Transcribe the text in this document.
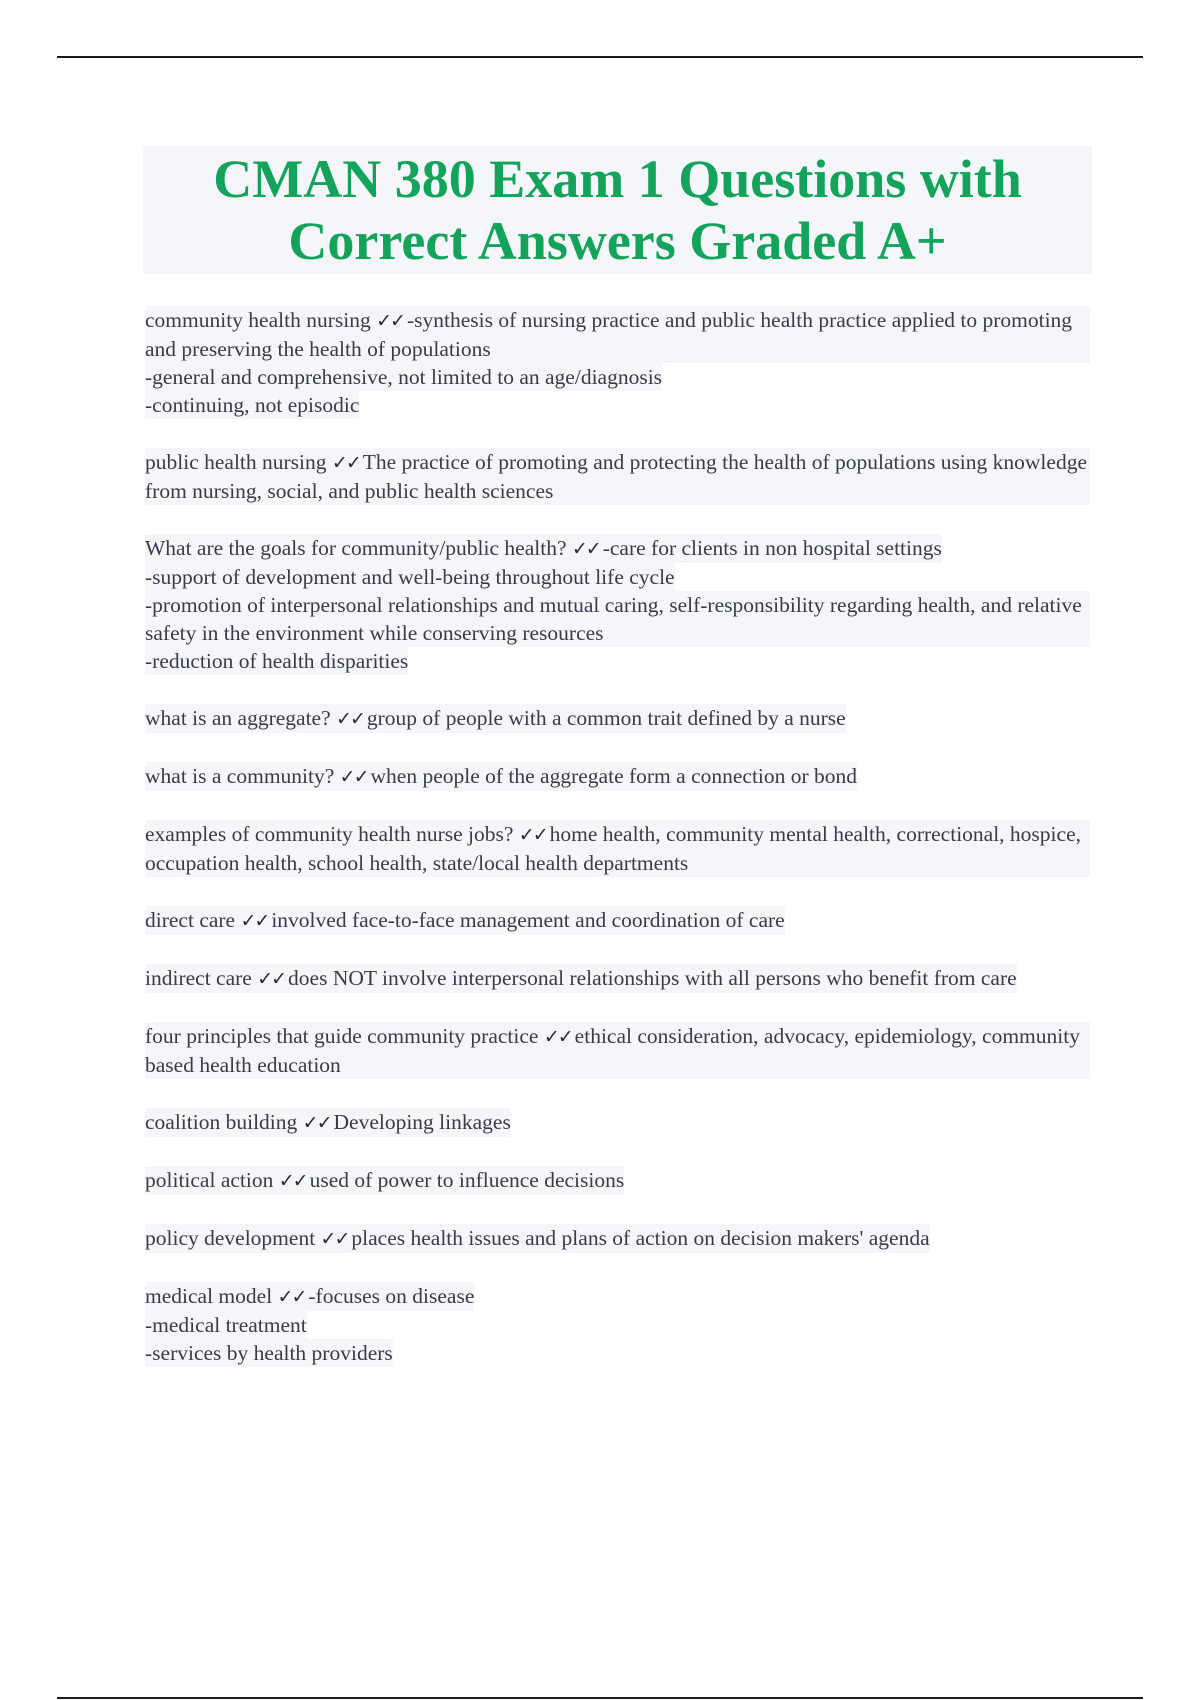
CMAN 380 Exam 1 Questions with
Correct Answers Graded A+
community health nursing ✓✓ -synthesis of nursing practice and public health practice applied to promoting and preserving the health of populations
-general and comprehensive, not limited to an age/diagnosis
-continuing, not episodic
public health nursing ✓✓ The practice of promoting and protecting the health of populations using knowledge from nursing, social, and public health sciences
What are the goals for community/public health? ✓✓ -care for clients in non hospital settings
-support of development and well-being throughout life cycle
-promotion of interpersonal relationships and mutual caring, self-responsibility regarding health, and relative safety in the environment while conserving resources
-reduction of health disparities
what is an aggregate? ✓✓ group of people with a common trait defined by a nurse
what is a community? ✓✓ when people of the aggregate form a connection or bond
examples of community health nurse jobs? ✓✓ home health, community mental health, correctional, hospice, occupation health, school health, state/local health departments
direct care ✓✓ involved face-to-face management and coordination of care
indirect care ✓✓ does NOT involve interpersonal relationships with all persons who benefit from care
four principles that guide community practice ✓✓ ethical consideration, advocacy, epidemiology, community based health education
coalition building ✓✓ Developing linkages
political action ✓✓ used of power to influence decisions
policy development ✓✓ places health issues and plans of action on decision makers' agenda
medical model ✓✓ -focuses on disease
-medical treatment
-services by health providers
